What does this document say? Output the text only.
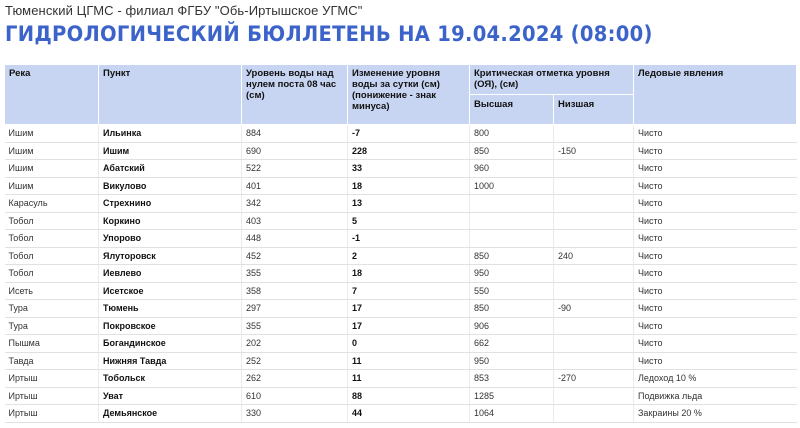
Тюменский ЦГМС - филиал ФГБУ "Обь-Иртышское УГМС"
ГИДРОЛОГИЧЕСКИЙ БЮЛЛЕТЕНЬ НА 19.04.2024 (08:00)
Река	Пункт	Уровень воды над нулем поста 08 час (см)	Изменение уровня воды за сутки (см) (понижение - знак минуса)	Критическая отметка уровня (ОЯ), (см)		Ледовые явления
				Высшая	Низшая	
Ишим	Ильинка	884	-7	800		Чисто
Ишим	Ишим	690	228	850	-150	Чисто
Ишим	Абатский	522	33	960		Чисто
Ишим	Викулово	401	18	1000		Чисто
Карасуль	Стрехнино	342	13			Чисто
Тобол	Коркино	403	5			Чисто
Тобол	Упорово	448	-1			Чисто
Тобол	Ялуторовск	452	2	850	240	Чисто
Тобол	Иевлево	355	18	950		Чисто
Исеть	Исетское	358	7	550		Чисто
Тура	Тюмень	297	17	850	-90	Чисто
Тура	Покровское	355	17	906		Чисто
Пышма	Богандинское	202	0	662		Чисто
Тавда	Нижняя Тавда	252	11	950		Чисто
Иртыш	Тобольск	262	11	853	-270	Ледоход 10 %
Иртыш	Уват	610	88	1285		Подвижка льда
Иртыш	Демьянское	330	44	1064		Закраины 20 %
